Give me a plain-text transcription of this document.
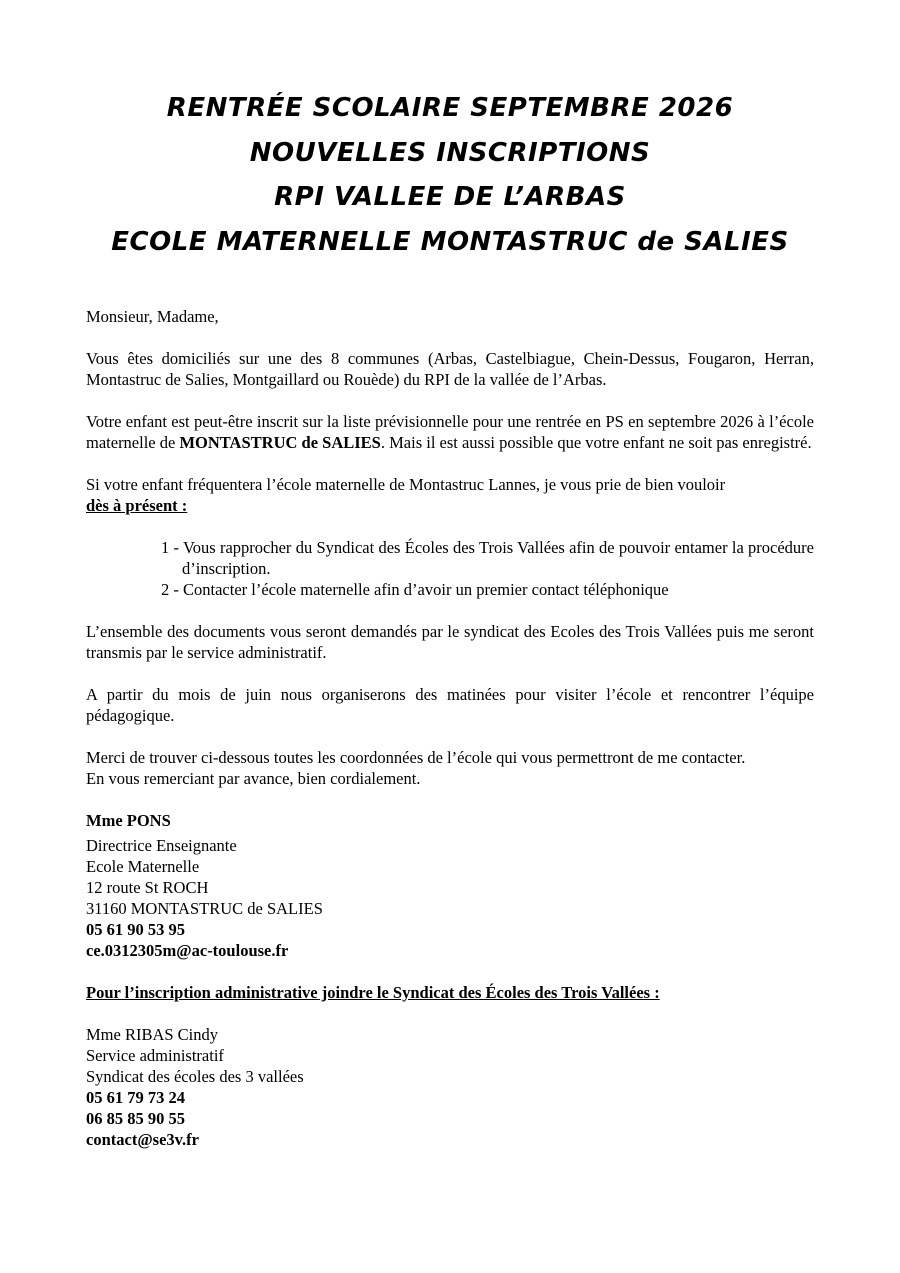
RENTRÉE SCOLAIRE SEPTEMBRE 2026
NOUVELLES INSCRIPTIONS
RPI VALLEE DE L’ARBAS
ECOLE MATERNELLE MONTASTRUC de SALIES

Monsieur, Madame,

Vous êtes domiciliés sur une des 8 communes (Arbas, Castelbiague, Chein-Dessus, Fougaron, Herran, Montastruc de Salies, Montgaillard ou Rouède) du RPI de la vallée de l’Arbas.

Votre enfant est peut-être inscrit sur la liste prévisionnelle pour une rentrée en PS en septembre 2026 à l’école maternelle de MONTASTRUC de SALIES. Mais il est aussi possible que votre enfant ne soit pas enregistré.

Si votre enfant fréquentera l’école maternelle de Montastruc Lannes, je vous prie de bien vouloir

dès à présent :

1 - Vous rapprocher du Syndicat des Écoles des Trois Vallées afin de pouvoir entamer la procédure d’inscription.

2 - Contacter l’école maternelle afin d’avoir un premier contact téléphonique

L’ensemble des documents vous seront demandés par le syndicat des Ecoles des Trois Vallées puis me seront transmis par le service administratif.

A partir du mois de juin nous organiserons des matinées pour visiter l’école et rencontrer l’équipe pédagogique.

Merci de trouver ci-dessous toutes les coordonnées de l’école qui vous permettront de me contacter.

En vous remerciant par avance, bien cordialement.

Mme PONS

Directrice Enseignante

Ecole Maternelle

12 route St ROCH

31160 MONTASTRUC de SALIES

05 61 90 53 95

ce.0312305m@ac-toulouse.fr

Pour l’inscription administrative joindre le Syndicat des Écoles des Trois Vallées :

Mme RIBAS Cindy

Service administratif

Syndicat des écoles des 3 vallées

05 61 79 73 24

06 85 85 90 55

contact@se3v.fr
